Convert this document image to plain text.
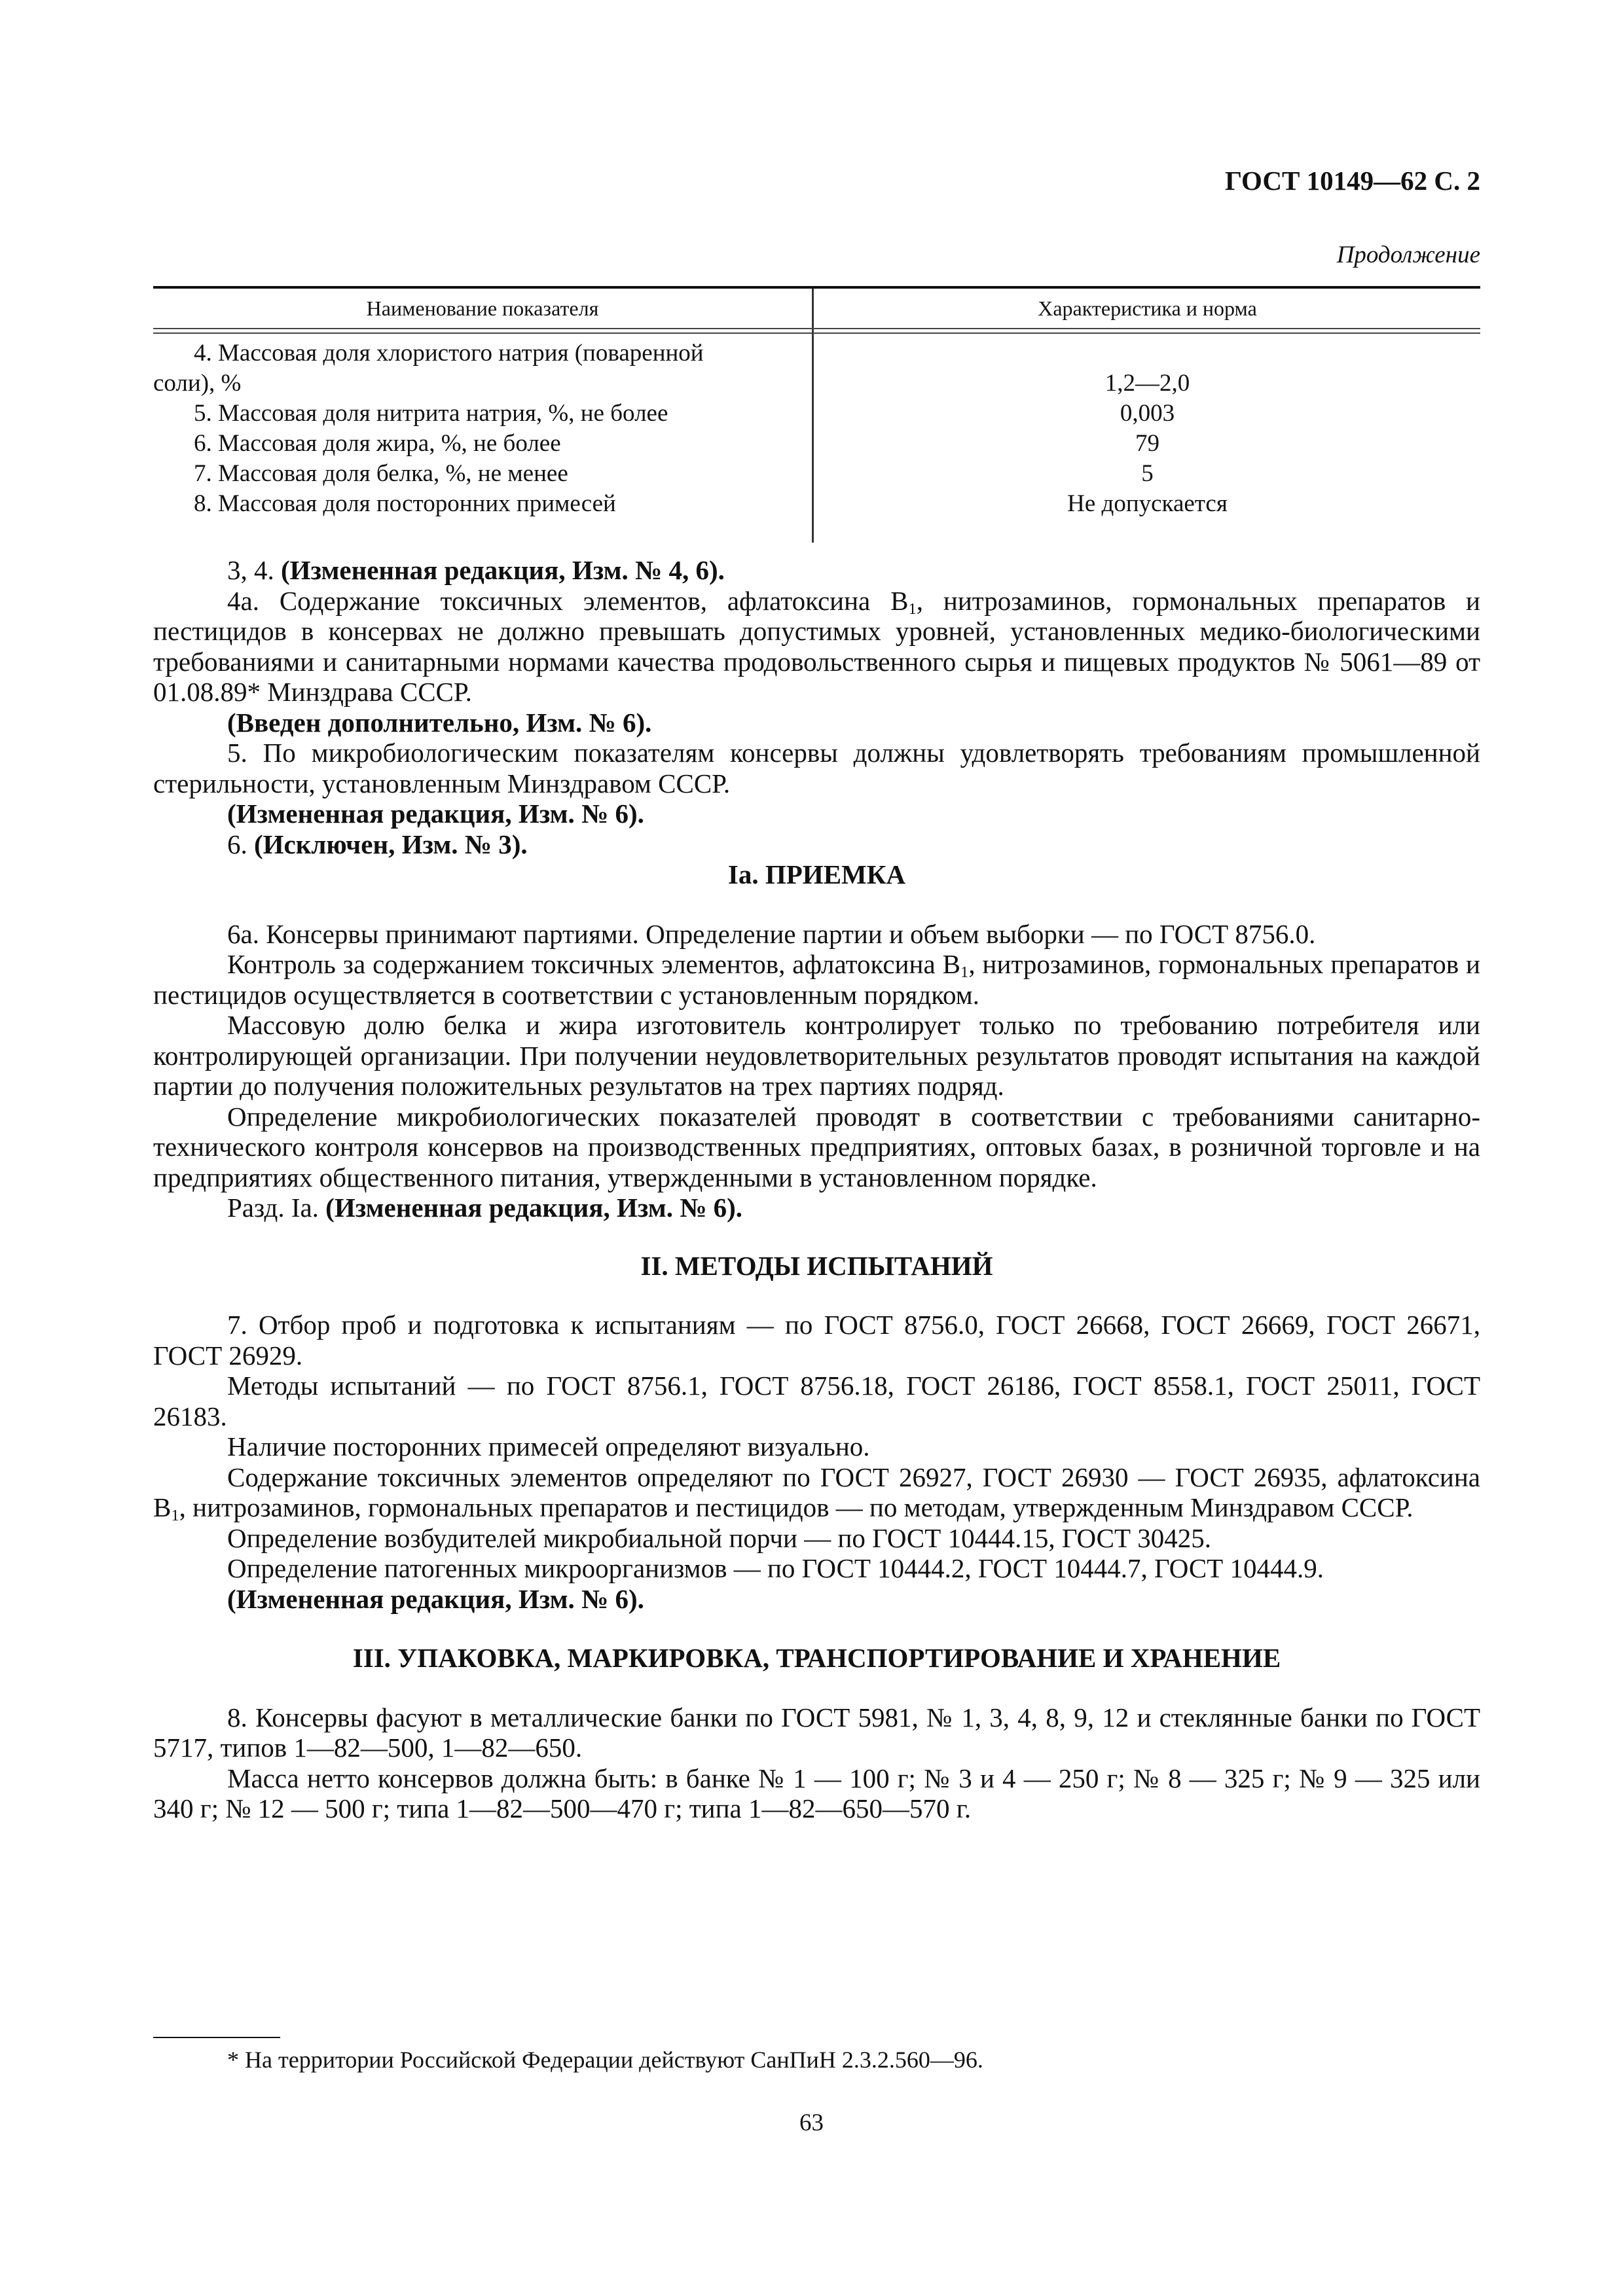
ГОСТ 10149—62 С. 2
Продолжение
Наименование показателя	Характеристика и норма
4. Массовая доля хлористого натрия (поваренной
соли), %	1,2—2,0
5. Массовая доля нитрита натрия, %, не более	0,003
6. Массовая доля жира, %, не более	79
7. Массовая доля белка, %, не менее	5
8. Массовая доля посторонних примесей	Не допускается

3, 4. (Измененная редакция, Изм. № 4, 6).

4а. Содержание токсичных элементов, афлатоксина $В_1$, нитрозаминов, гормональных препаратов и пестицидов в консервах не должно превышать допустимых уровней, установленных медико-биологическими требованиями и санитарными нормами качества продовольственного сырья и пищевых продуктов № 5061—89 от 01.08.89* Минздрава СССР.

(Введен дополнительно, Изм. № 6).

5. По микробиологическим показателям консервы должны удовлетворять требованиям промышленной стерильности, установленным Минздравом СССР.

(Измененная редакция, Изм. № 6).

6. (Исключен, Изм. № 3).

Iа. ПРИЕМКА

6а. Консервы принимают партиями. Определение партии и объем выборки — по ГОСТ 8756.0.

Контроль за содержанием токсичных элементов, афлатоксина $В_1$, нитрозаминов, гормональных препаратов и пестицидов осуществляется в соответствии с установленным порядком.

Массовую долю белка и жира изготовитель контролирует только по требованию потребителя или контролирующей организации. При получении неудовлетворительных результатов проводят испытания на каждой партии до получения положительных результатов на трех партиях подряд.

Определение микробиологических показателей проводят в соответствии с требованиями санитарно-технического контроля консервов на производственных предприятиях, оптовых базах, в розничной торговле и на предприятиях общественного питания, утвержденными в установленном порядке.

Разд. Iа. (Измененная редакция, Изм. № 6).

II. МЕТОДЫ ИСПЫТАНИЙ

7. Отбор проб и подготовка к испытаниям — по ГОСТ 8756.0, ГОСТ 26668, ГОСТ 26669, ГОСТ 26671, ГОСТ 26929.

Методы испытаний — по ГОСТ 8756.1, ГОСТ 8756.18, ГОСТ 26186, ГОСТ 8558.1, ГОСТ 25011, ГОСТ 26183.

Наличие посторонних примесей определяют визуально.

Содержание токсичных элементов определяют по ГОСТ 26927, ГОСТ 26930 — ГОСТ 26935, афлатоксина $В_1$, нитрозаминов, гормональных препаратов и пестицидов — по методам, утвержденным Минздравом СССР.

Определение возбудителей микробиальной порчи — по ГОСТ 10444.15, ГОСТ 30425.

Определение патогенных микроорганизмов — по ГОСТ 10444.2, ГОСТ 10444.7, ГОСТ 10444.9.

(Измененная редакция, Изм. № 6).

III. УПАКОВКА, МАРКИРОВКА, ТРАНСПОРТИРОВАНИЕ И ХРАНЕНИЕ

8. Консервы фасуют в металлические банки по ГОСТ 5981, № 1, 3, 4, 8, 9, 12 и стеклянные банки по ГОСТ 5717, типов 1—82—500, 1—82—650.

Масса нетто консервов должна быть: в банке № 1 — 100 г; № 3 и 4 — 250 г; № 8 — 325 г; № 9 — 325 или 340 г; № 12 — 500 г; типа 1—82—500—470 г; типа 1—82—650—570 г.

* На территории Российской Федерации действуют СанПиН 2.3.2.560—96.
63
